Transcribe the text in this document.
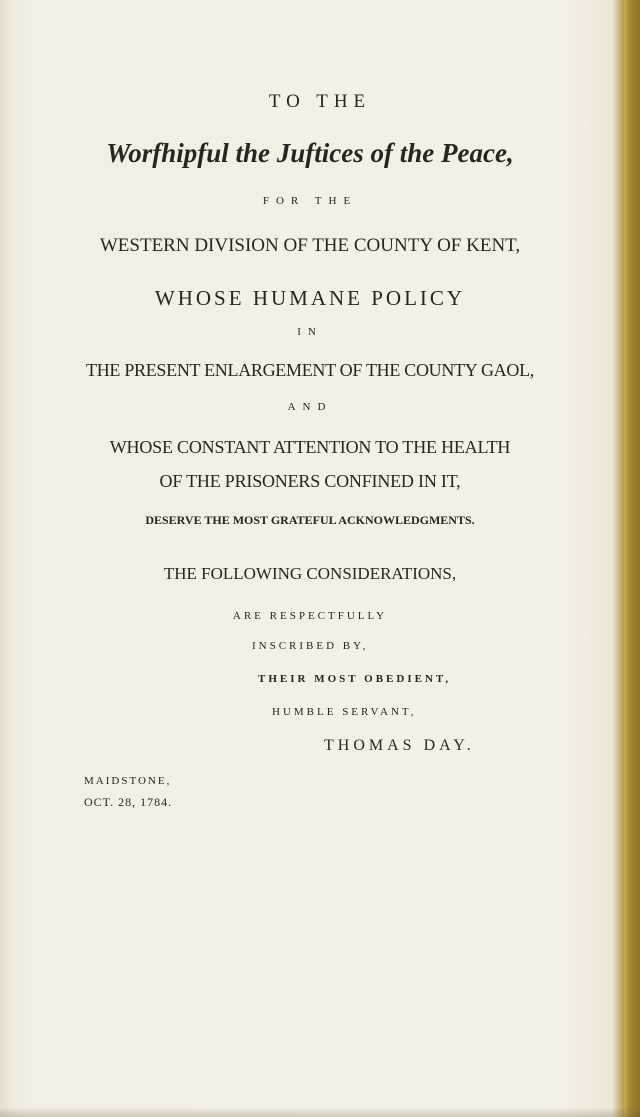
TO THE
Worfhipful the Juftices of the Peace,
FOR THE
WESTERN DIVISION OF THE COUNTY OF KENT,
WHOSE HUMANE POLICY
IN
THE PRESENT ENLARGEMENT OF THE COUNTY GAOL,
AND
WHOSE CONSTANT ATTENTION TO THE HEALTH
OF THE PRISONERS CONFINED IN IT,
DESERVE THE MOST GRATEFUL ACKNOWLEDGMENTS.
THE FOLLOWING CONSIDERATIONS,
ARE RESPECTFULLY
INSCRIBED BY,
THEIR MOST OBEDIENT,
HUMBLE SERVANT,
THOMAS DAY.
MAIDSTONE,
OCT. 28, 1784.
